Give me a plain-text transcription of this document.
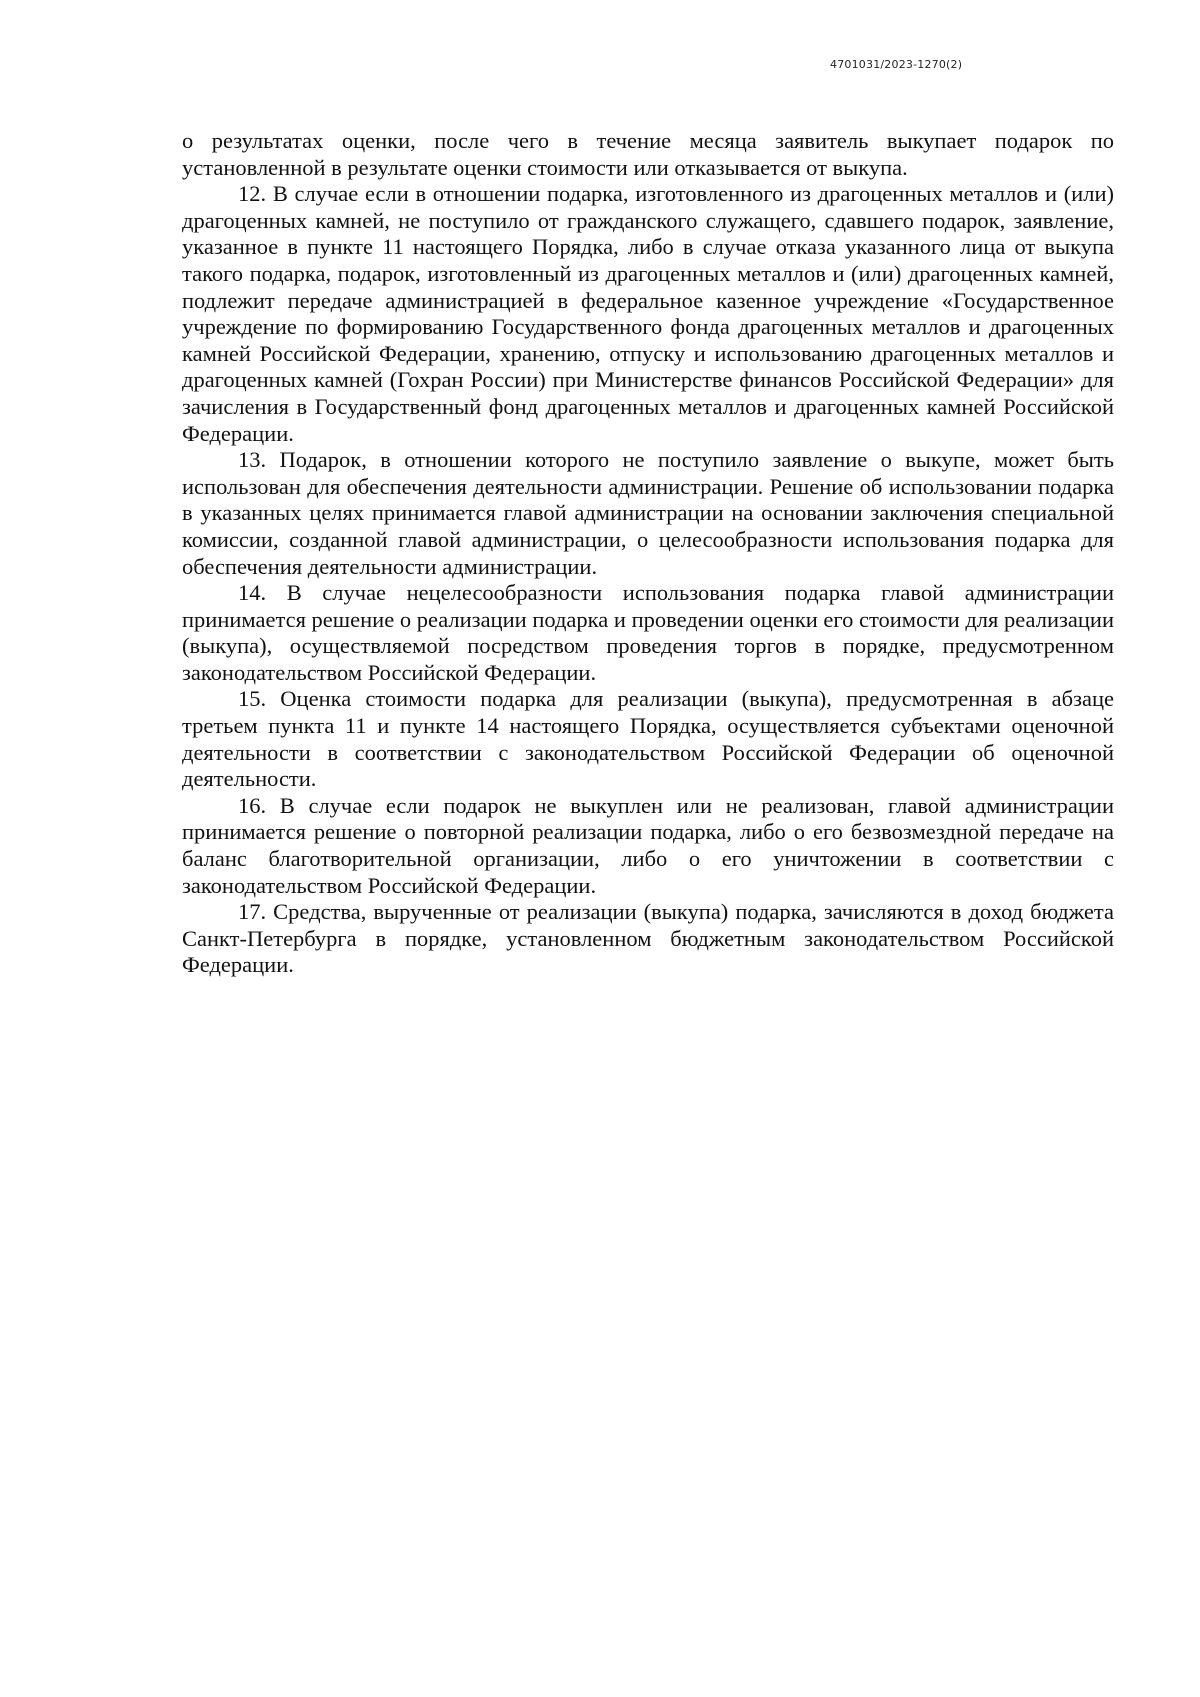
4701031/2023-1270(2)

о результатах оценки, после чего в течение месяца заявитель выкупает подарок по установленной в результате оценки стоимости или отказывается от выкупа.

12. В случае если в отношении подарка, изготовленного из драгоценных металлов и (или) драгоценных камней, не поступило от гражданского служащего, сдавшего подарок, заявление, указанное в пункте 11 настоящего Порядка, либо в случае отказа указанного лица от выкупа такого подарка, подарок, изготовленный из драгоценных металлов и (или) драгоценных камней, подлежит передаче администрацией в федеральное казенное учреждение «Государственное учреждение по формированию Государственного фонда драгоценных металлов и драгоценных камней Российской Федерации, хранению, отпуску и использованию драгоценных металлов и драгоценных камней (Гохран России) при Министерстве финансов Российской Федерации» для зачисления в Государственный фонд драгоценных металлов и драгоценных камней Российской Федерации.

13. Подарок, в отношении которого не поступило заявление о выкупе, может быть использован для обеспечения деятельности администрации. Решение об использовании подарка в указанных целях принимается главой администрации на основании заключения специальной комиссии, созданной главой администрации, о целесообразности использования подарка для обеспечения деятельности администрации.

14. В случае нецелесообразности использования подарка главой администрации принимается решение о реализации подарка и проведении оценки его стоимости для реализации (выкупа), осуществляемой посредством проведения торгов в порядке, предусмотренном законодательством Российской Федерации.

15. Оценка стоимости подарка для реализации (выкупа), предусмотренная в абзаце третьем пункта 11 и пункте 14 настоящего Порядка, осуществляется субъектами оценочной деятельности в соответствии с законодательством Российской Федерации об оценочной деятельности.

16. В случае если подарок не выкуплен или не реализован, главой администрации принимается решение о повторной реализации подарка, либо о его безвозмездной передаче на баланс благотворительной организации, либо о его уничтожении в соответствии с законодательством Российской Федерации.

17. Средства, вырученные от реализации (выкупа) подарка, зачисляются в доход бюджета Санкт-Петербурга в порядке, установленном бюджетным законодательством Российской Федерации.
